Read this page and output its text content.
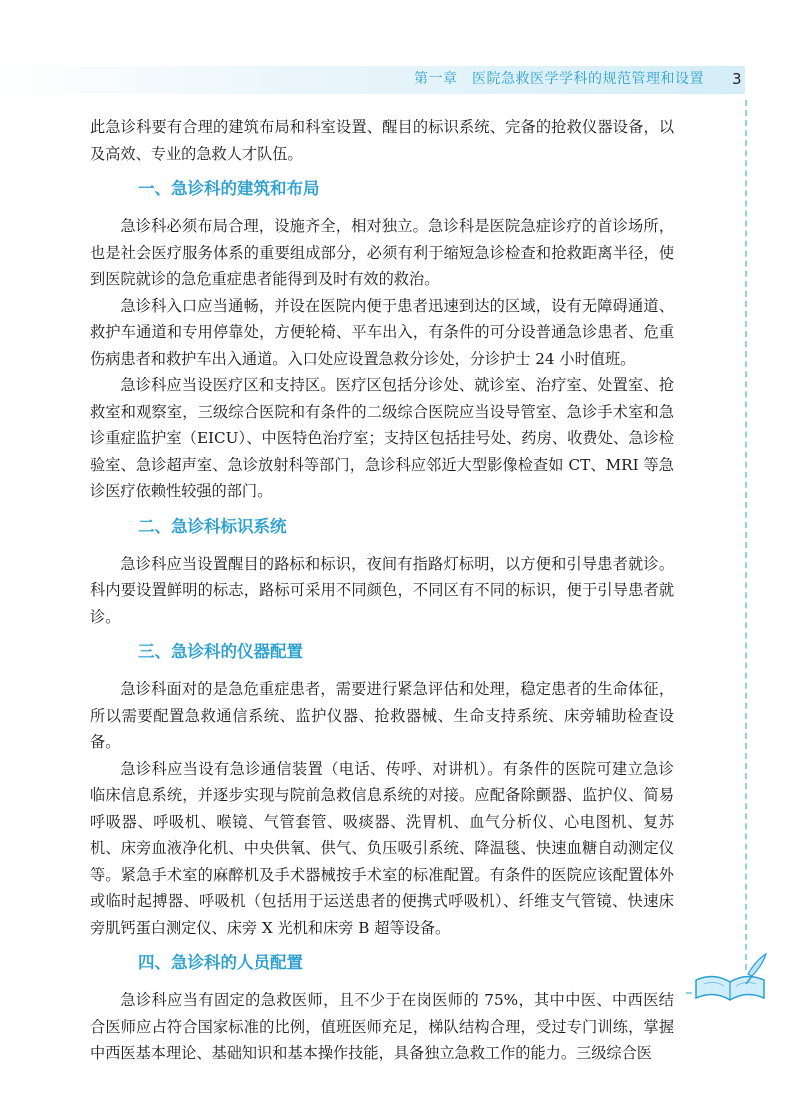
第一章　医院急救医学学科的规范管理和设置 3

此急诊科要有合理的建筑布局和科室设置、醒目的标识系统、完备的抢救仪器设备，以及高效、专业的急救人才队伍。

一、急诊科的建筑和布局

急诊科必须布局合理，设施齐全，相对独立。急诊科是医院急症诊疗的首诊场所，也是社会医疗服务体系的重要组成部分，必须有利于缩短急诊检查和抢救距离半径，使到医院就诊的急危重症患者能得到及时有效的救治。

急诊科入口应当通畅，并设在医院内便于患者迅速到达的区域，设有无障碍通道、救护车通道和专用停靠处，方便轮椅、平车出入，有条件的可分设普通急诊患者、危重伤病患者和救护车出入通道。入口处应设置急救分诊处，分诊护士 24 小时值班。

急诊科应当设医疗区和支持区。医疗区包括分诊处、就诊室、治疗室、处置室、抢救室和观察室，三级综合医院和有条件的二级综合医院应当设导管室、急诊手术室和急诊重症监护室（EICU）、中医特色治疗室；支持区包括挂号处、药房、收费处、急诊检验室、急诊超声室、急诊放射科等部门，急诊科应邻近大型影像检查如 CT、MRI 等急诊医疗依赖性较强的部门。

二、急诊科标识系统

急诊科应当设置醒目的路标和标识，夜间有指路灯标明，以方便和引导患者就诊。科内要设置鲜明的标志，路标可采用不同颜色，不同区有不同的标识，便于引导患者就诊。

三、急诊科的仪器配置

急诊科面对的是急危重症患者，需要进行紧急评估和处理，稳定患者的生命体征，所以需要配置急救通信系统、监护仪器、抢救器械、生命支持系统、床旁辅助检查设备。

急诊科应当设有急诊通信装置（电话、传呼、对讲机）。有条件的医院可建立急诊临床信息系统，并逐步实现与院前急救信息系统的对接。应配备除颤器、监护仪、简易呼吸器、呼吸机、喉镜、气管套管、吸痰器、洗胃机、血气分析仪、心电图机、复苏机、床旁血液净化机、中央供氧、供气、负压吸引系统、降温毯、快速血糖自动测定仪等。紧急手术室的麻醉机及手术器械按手术室的标准配置。有条件的医院应该配置体外或临时起搏器、呼吸机（包括用于运送患者的便携式呼吸机）、纤维支气管镜、快速床旁肌钙蛋白测定仪、床旁 X 光机和床旁 B 超等设备。

四、急诊科的人员配置

急诊科应当有固定的急救医师，且不少于在岗医师的 75%，其中中医、中西医结合医师应占符合国家标准的比例，值班医师充足，梯队结构合理，受过专门训练，掌握中西医基本理论、基础知识和基本操作技能，具备独立急救工作的能力。三级综合医
